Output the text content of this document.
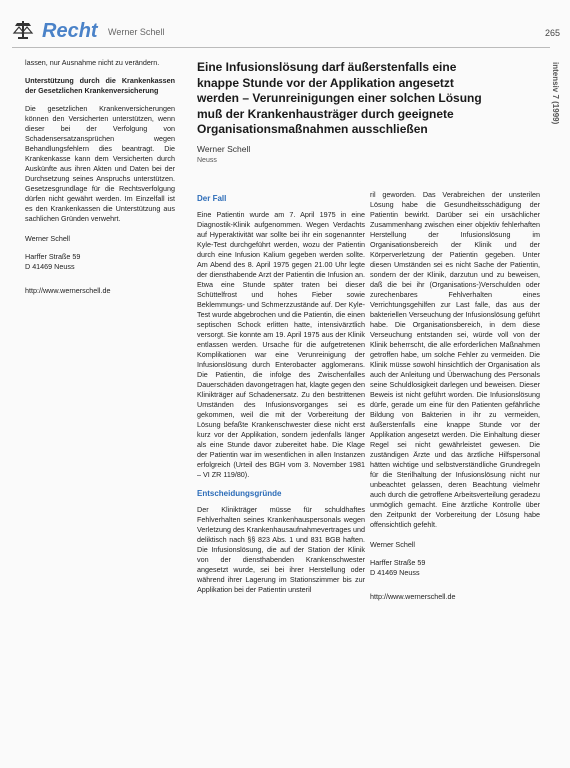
Recht Werner Schell	265
intensiv 7 (1999)

lassen, nur Ausnahme nicht zu verändern.

Unterstützung durch die Krankenkassen der Gesetzlichen Krankenversicherung

Die gesetzlichen Krankenversicherungen können den Versicherten unterstützen, wenn dieser bei der Verfolgung von Schadensersatzansprüchen wegen Behandlungsfehlern dies beantragt. Die Krankenkasse kann dem Versicherten durch Auskünfte aus ihren Akten und Daten bei der Durchsetzung seines Anspruchs unterstützen. Gesetzesgrundlage für die Rechtsverfolgung dürfen nicht gewährt werden. Im Einzelfall ist es den Krankenkassen die Unterstützung aus sachlichen Gründen verwehrt.

Werner Schell
Harffer Straße 59
D 41469 Neuss
http://www.wernerschell.de
Eine Infusionslösung darf äußerstenfalls eine knappe Stunde vor der Applikation angesetzt werden – Verunreinigungen einer solchen Lösung muß der Krankenhausträger durch geeignete Organisationsmaßnahmen ausschließen
Werner Schell
Neuss
Der Fall

Eine Patientin wurde am 7. April 1975 in eine Diagnostik-Klinik aufgenommen. Wegen Verdachts auf Hyperaktivität war sollte bei ihr ein sogenannter Kyle-Test durchgeführt werden, wozu der Patientin durch eine Infusion Kalium gegeben werden sollte. Am Abend des 8. April 1975 gegen 21.00 Uhr legte der diensthabende Arzt der Patientin die Infusion an. Etwa eine Stunde später traten bei dieser Schüttelfrost und hohes Fieber sowie Beklemmungs- und Schmerzzustände auf. Der Kyle-Test wurde abgebrochen und die Patientin, die einen septischen Schock erlitten hatte, intensivärztlich versorgt. Sie konnte am 19. April 1975 aus der Klinik entlassen werden. Ursache für die aufgetretenen Komplikationen war eine Verunreinigung der Infusionslösung durch Enterobacter agglomerans. Die Patientin, die infolge des Zwischenfalles Dauerschäden davongetragen hat, klagte gegen den Klinikträger auf Schadenersatz. Zu den bestrittenen Umständen des Infusionsvorganges sei es gekommen, weil die mit der Vorbereitung der Lösung befaßte Krankenschwester diese nicht erst kurz vor der Applikation, sondern jedenfalls länger als eine Stunde davor zubereitet habe. Die Klage der Patientin war im wesentlichen in allen Instanzen erfolgreich (Urteil des BGH vom 3. November 1981 – VI ZR 119/80).

Entscheidungsgründe

Der Klinikträger müsse für schuldhaftes Fehlverhalten seines Krankenhauspersonals wegen Verletzung des Krankenhausaufnahmevertrages und deliktisch nach §§ 823 Abs. 1 und 831 BGB haften. Die Infusionslösung, die auf der Station der Klinik von der diensthabenden Krankenschwester angesetzt wurde, sei bei ihrer Herstellung oder während ihrer Lagerung im Stationszimmer bis zur Applikation bei der Patientin unsteril

ril geworden. Das Verabreichen der unsterilen Lösung habe die Gesundheitsschädigung der Patientin bewirkt. Darüber sei ein ursächlicher Zusammenhang zwischen einer objektiv fehlerhaften Herstellung der Infusionslösung im Organisationsbereich der Klinik und der Körperverletzung der Patientin gegeben. Unter diesen Umständen sei es nicht Sache der Patientin, sondern der der Klinik, darzutun und zu beweisen, daß die bei ihr (Organisations-)Verschulden oder zurechenbares Fehlverhalten eines Verrichtungsgehilfen zur Last falle, das aus der bakteriellen Verseuchung der Infusionslösung geführt habe. Die Organisationsbereich, in dem diese Verseuchung entstanden sei, würde voll von der Klinik beherrscht, die alle erforderlichen Maßnahmen getroffen habe, um solche Fehler zu vermeiden. Die Klinik müsse sowohl hinsichtlich der Organisation als auch der Anleitung und Überwachung des Personals seine Schuldlosigkeit darlegen und beweisen. Dieser Beweis ist nicht geführt worden. Die Infusionslösung dürfe, gerade um eine für den Patienten gefährliche Bildung von Bakterien in ihr zu vermeiden, äußerstenfalls eine knappe Stunde vor der Applikation angesetzt werden. Die Einhaltung dieser Regel sei nicht gewährleistet gewesen. Die zuständigen Ärzte und das ärztliche Hilfspersonal hätten wichtige und selbstverständliche Grundregeln für die Sterilhaltung der Infusionslösung nicht nur unbeachtet gelassen, deren Beachtung vielmehr auch durch die getroffene Arbeitsverteilung geradezu unmöglich gemacht. Eine ärztliche Kontrolle über den Zeitpunkt der Vorbereitung der Lösung habe offensichtlich gefehlt.

Werner Schell
Harffer Straße 59
D 41469 Neuss
http://www.wernerschell.de
